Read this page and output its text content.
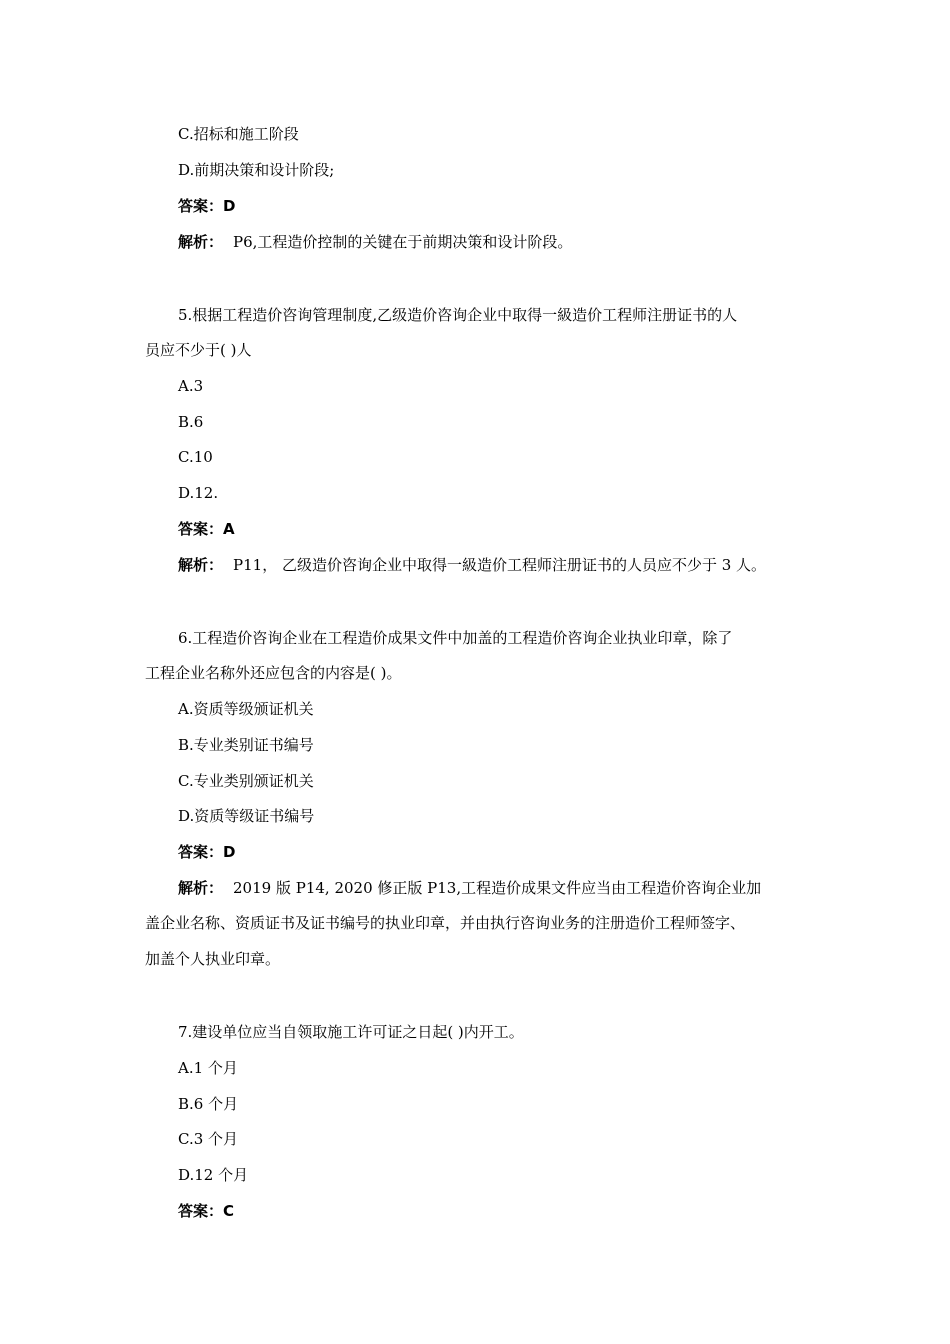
C.招标和施工阶段
D.前期决策和设计阶段;
答案：D
解析： P6,工程造价控制的关键在于前期决策和设计阶段。
5.根据工程造价咨询管理制度,乙级造价咨询企业中取得一級造价工程师注册证书的人
员应不少于( )人
A.3
B.6
C.10
D.12.
答案：A
解析： P11， 乙级造价咨询企业中取得一級造价工程师注册证书的人员应不少于 3 人。
6.工程造价咨询企业在工程造价成果文件中加盖的工程造价咨询企业执业印章，除了
工程企业名称外还应包含的内容是( )。
A.资质等级颁证机关
B.专业类别证书编号
C.专业类别颁证机关
D.资质等级证书编号
答案：D
解析： 2019 版 P14, 2020 修正版 P13,工程造价成果文件应当由工程造价咨询企业加
盖企业名称、资质证书及证书编号的执业印章，并由执行咨询业务的注册造价工程师签字、
加盖个人执业印章。
7.建设单位应当自领取施工许可证之日起( )内开工。
A.1 个月
B.6 个月
C.3 个月
D.12 个月
答案：C
